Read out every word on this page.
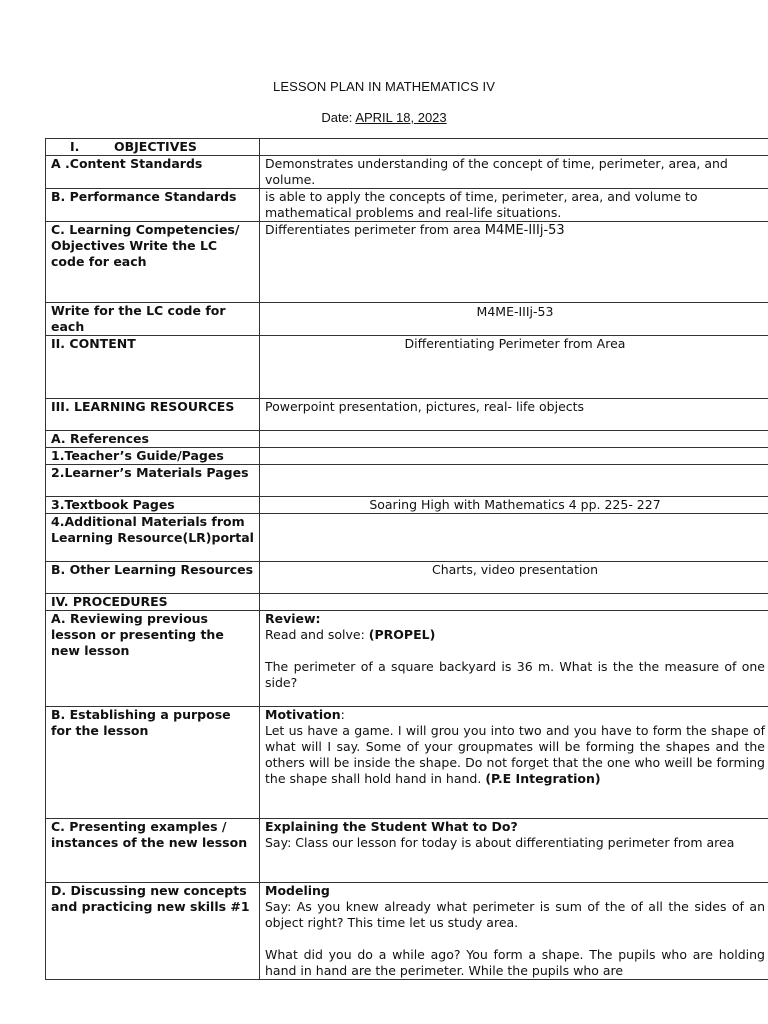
LESSON PLAN IN MATHEMATICS IV
Date: APRIL 18, 2023
I. OBJECTIVES	
A .Content Standards	Demonstrates understanding of the concept of time, perimeter, area, and volume.
B. Performance Standards	is able to apply the concepts of time, perimeter, area, and volume to mathematical problems and real-life situations.
C. Learning Competencies/ Objectives Write the LC code for each	Differentiates perimeter from area M4ME-IIIj-53
Write for the LC code for each	M4ME-IIIj-53
II. CONTENT	Differentiating Perimeter from Area
III. LEARNING RESOURCES	Powerpoint presentation, pictures, real- life objects
A. References	
1.Teacher’s Guide/Pages	
2.Learner’s Materials Pages	
3.Textbook Pages	Soaring High with Mathematics 4 pp. 225- 227
4.Additional Materials from Learning Resource(LR)portal	
B. Other Learning Resources	Charts, video presentation
IV. PROCEDURES	
A. Reviewing previous lesson or presenting the new lesson	Review:

Read and solve: (PROPEL)

The perimeter of a square backyard is 36 m. What is the the measure of one side?

B. Establishing a purpose for the lesson	Motivation:

Let us have a game. I will grou you into two and you have to form the shape of what will I say. Some of your groupmates will be forming the shapes and the others will be inside the shape. Do not forget that the one who weill be forming the shape shall hold hand in hand. (P.E Integration)

C. Presenting examples / instances of the new lesson	Explaining the Student What to Do?

Say: Class our lesson for today is about differentiating perimeter from area

D. Discussing new concepts and practicing new skills #1	Modeling

Say: As you knew already what perimeter is sum of the of all the sides of an object right? This time let us study area.

What did you do a while ago? You form a shape. The pupils who are holding hand in hand are the perimeter. While the pupils who are
